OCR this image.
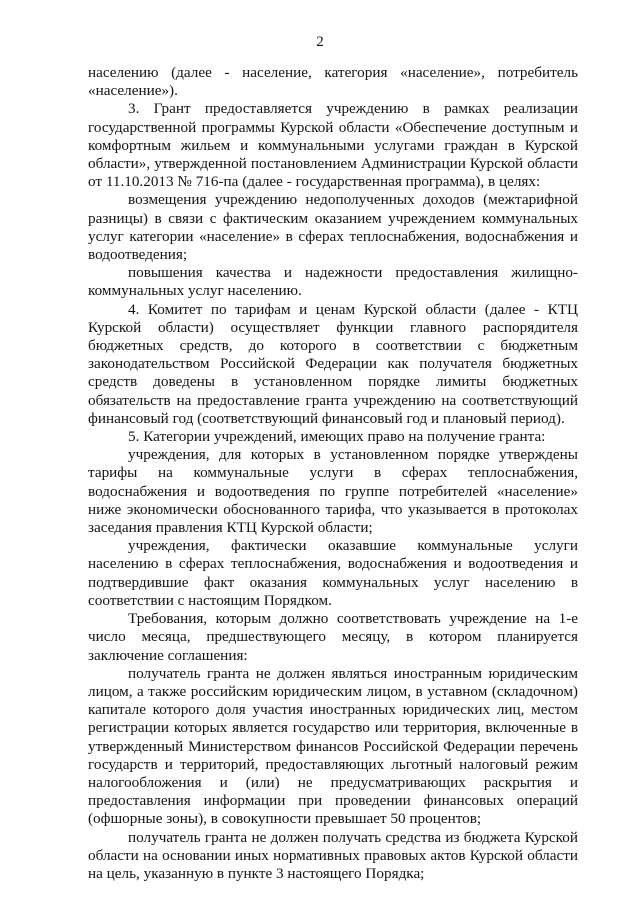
2

населению (далее - население, категория «население», потребитель «население»).

3. Грант предоставляется учреждению в рамках реализации государственной программы Курской области «Обеспечение доступным и комфортным жильем и коммунальными услугами граждан в Курской области», утвержденной постановлением Администрации Курской области от 11.10.2013 № 716-па (далее - государственная программа), в целях:

возмещения учреждению недополученных доходов (межтарифной разницы) в связи с фактическим оказанием учреждением коммунальных услуг категории «население» в сферах теплоснабжения, водоснабжения и водоотведения;

повышения качества и надежности предоставления жилищно-коммунальных услуг населению.

4. Комитет по тарифам и ценам Курской области (далее - КТЦ Курской области) осуществляет функции главного распорядителя бюджетных средств, до которого в соответствии с бюджетным законодательством Российской Федерации как получателя бюджетных средств доведены в установленном порядке лимиты бюджетных обязательств на предоставление гранта учреждению на соответствующий финансовый год (соответствующий финансовый год и плановый период).

5. Категории учреждений, имеющих право на получение гранта:

учреждения, для которых в установленном порядке утверждены тарифы на коммунальные услуги в сферах теплоснабжения, водоснабжения и водоотведения по группе потребителей «население» ниже экономически обоснованного тарифа, что указывается в протоколах заседания правления КТЦ Курской области;

учреждения, фактически оказавшие коммунальные услуги населению в сферах теплоснабжения, водоснабжения и водоотведения и подтвердившие факт оказания коммунальных услуг населению в соответствии с настоящим Порядком.

Требования, которым должно соответствовать учреждение на 1-е число месяца, предшествующего месяцу, в котором планируется заключение соглашения:

получатель гранта не должен являться иностранным юридическим лицом, а также российским юридическим лицом, в уставном (складочном) капитале которого доля участия иностранных юридических лиц, местом регистрации которых является государство или территория, включенные в утвержденный Министерством финансов Российской Федерации перечень государств и территорий, предоставляющих льготный налоговый режим налогообложения и (или) не предусматривающих раскрытия и предоставления информации при проведении финансовых операций (офшорные зоны), в совокупности превышает 50 процентов;

получатель гранта не должен получать средства из бюджета Курской области на основании иных нормативных правовых актов Курской области на цель, указанную в пункте 3 настоящего Порядка;
